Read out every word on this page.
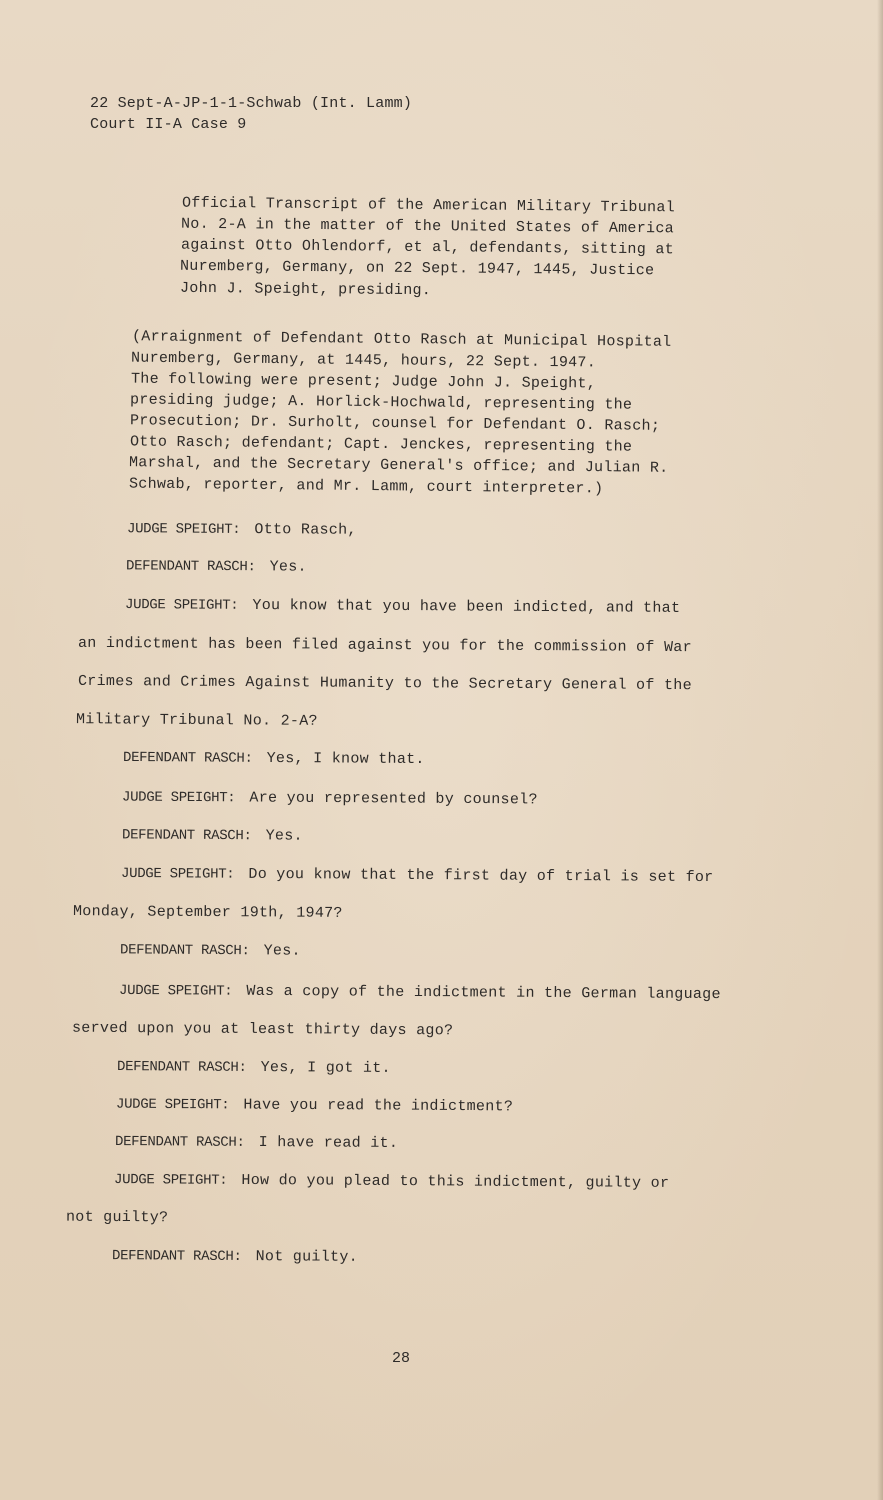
22 Sept-A-JP-1-1-Schwab (Int. Lamm)
Court II-A Case 9
Official Transcript of the American Military Tribunal
No. 2-A in the matter of the United States of America
against Otto Ohlendorf, et al, defendants, sitting at
Nuremberg, Germany, on 22 Sept. 1947, 1445, Justice
John J. Speight, presiding.
(Arraignment of Defendant Otto Rasch at Municipal Hospital
Nuremberg, Germany, at 1445, hours, 22 Sept. 1947.
The following were present; Judge John J. Speight,
presiding judge; A. Horlick-Hochwald, representing the
Prosecution; Dr. Surholt, counsel for Defendant O. Rasch;
Otto Rasch; defendant; Capt. Jenckes, representing the
Marshal, and the Secretary General's office; and Julian R.
Schwab, reporter, and Mr. Lamm, court interpreter.)
JUDGE SPEIGHT: Otto Rasch,
DEFENDANT RASCH: Yes.
JUDGE SPEIGHT: You know that you have been indicted, and that
an indictment has been filed against you for the commission of War
Crimes and Crimes Against Humanity to the Secretary General of the
Military Tribunal No. 2-A?
DEFENDANT RASCH: Yes, I know that.
JUDGE SPEIGHT: Are you represented by counsel?
DEFENDANT RASCH: Yes.
JUDGE SPEIGHT: Do you know that the first day of trial is set for
Monday, September 19th, 1947?
DEFENDANT RASCH: Yes.
JUDGE SPEIGHT: Was a copy of the indictment in the German language
served upon you at least thirty days ago?
DEFENDANT RASCH: Yes, I got it.
JUDGE SPEIGHT: Have you read the indictment?
DEFENDANT RASCH: I have read it.
JUDGE SPEIGHT: How do you plead to this indictment, guilty or
not guilty?
DEFENDANT RASCH: Not guilty.
28
